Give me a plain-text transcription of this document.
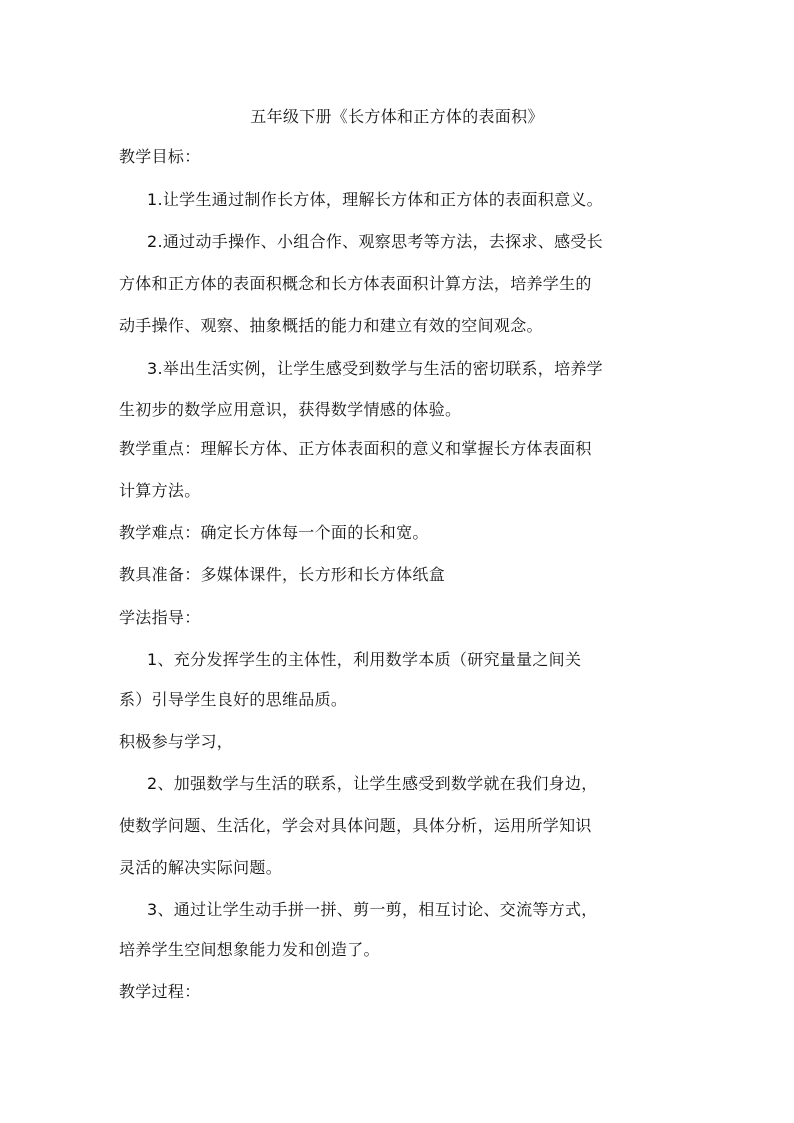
五年级下册《长方体和正方体的表面积》
教学目标：
1.让学生通过制作长方体，理解长方体和正方体的表面积意义。
2.通过动手操作、小组合作、观察思考等方法，去探求、感受长
方体和正方体的表面积概念和长方体表面积计算方法，培养学生的
动手操作、观察、抽象概括的能力和建立有效的空间观念。
3.举出生活实例，让学生感受到数学与生活的密切联系，培养学
生初步的数学应用意识，获得数学情感的体验。
教学重点：理解长方体、正方体表面积的意义和掌握长方体表面积
计算方法。
教学难点：确定长方体每一个面的长和宽。
教具准备：多媒体课件，长方形和长方体纸盒
学法指导：
1、充分发挥学生的主体性，利用数学本质（研究量量之间关
系）引导学生良好的思维品质。
积极参与学习，
2、加强数学与生活的联系，让学生感受到数学就在我们身边，
使数学问题、生活化，学会对具体问题，具体分析，运用所学知识
灵活的解决实际问题。
3、通过让学生动手拼一拼、剪一剪，相互讨论、交流等方式，
培养学生空间想象能力发和创造了。
教学过程：
